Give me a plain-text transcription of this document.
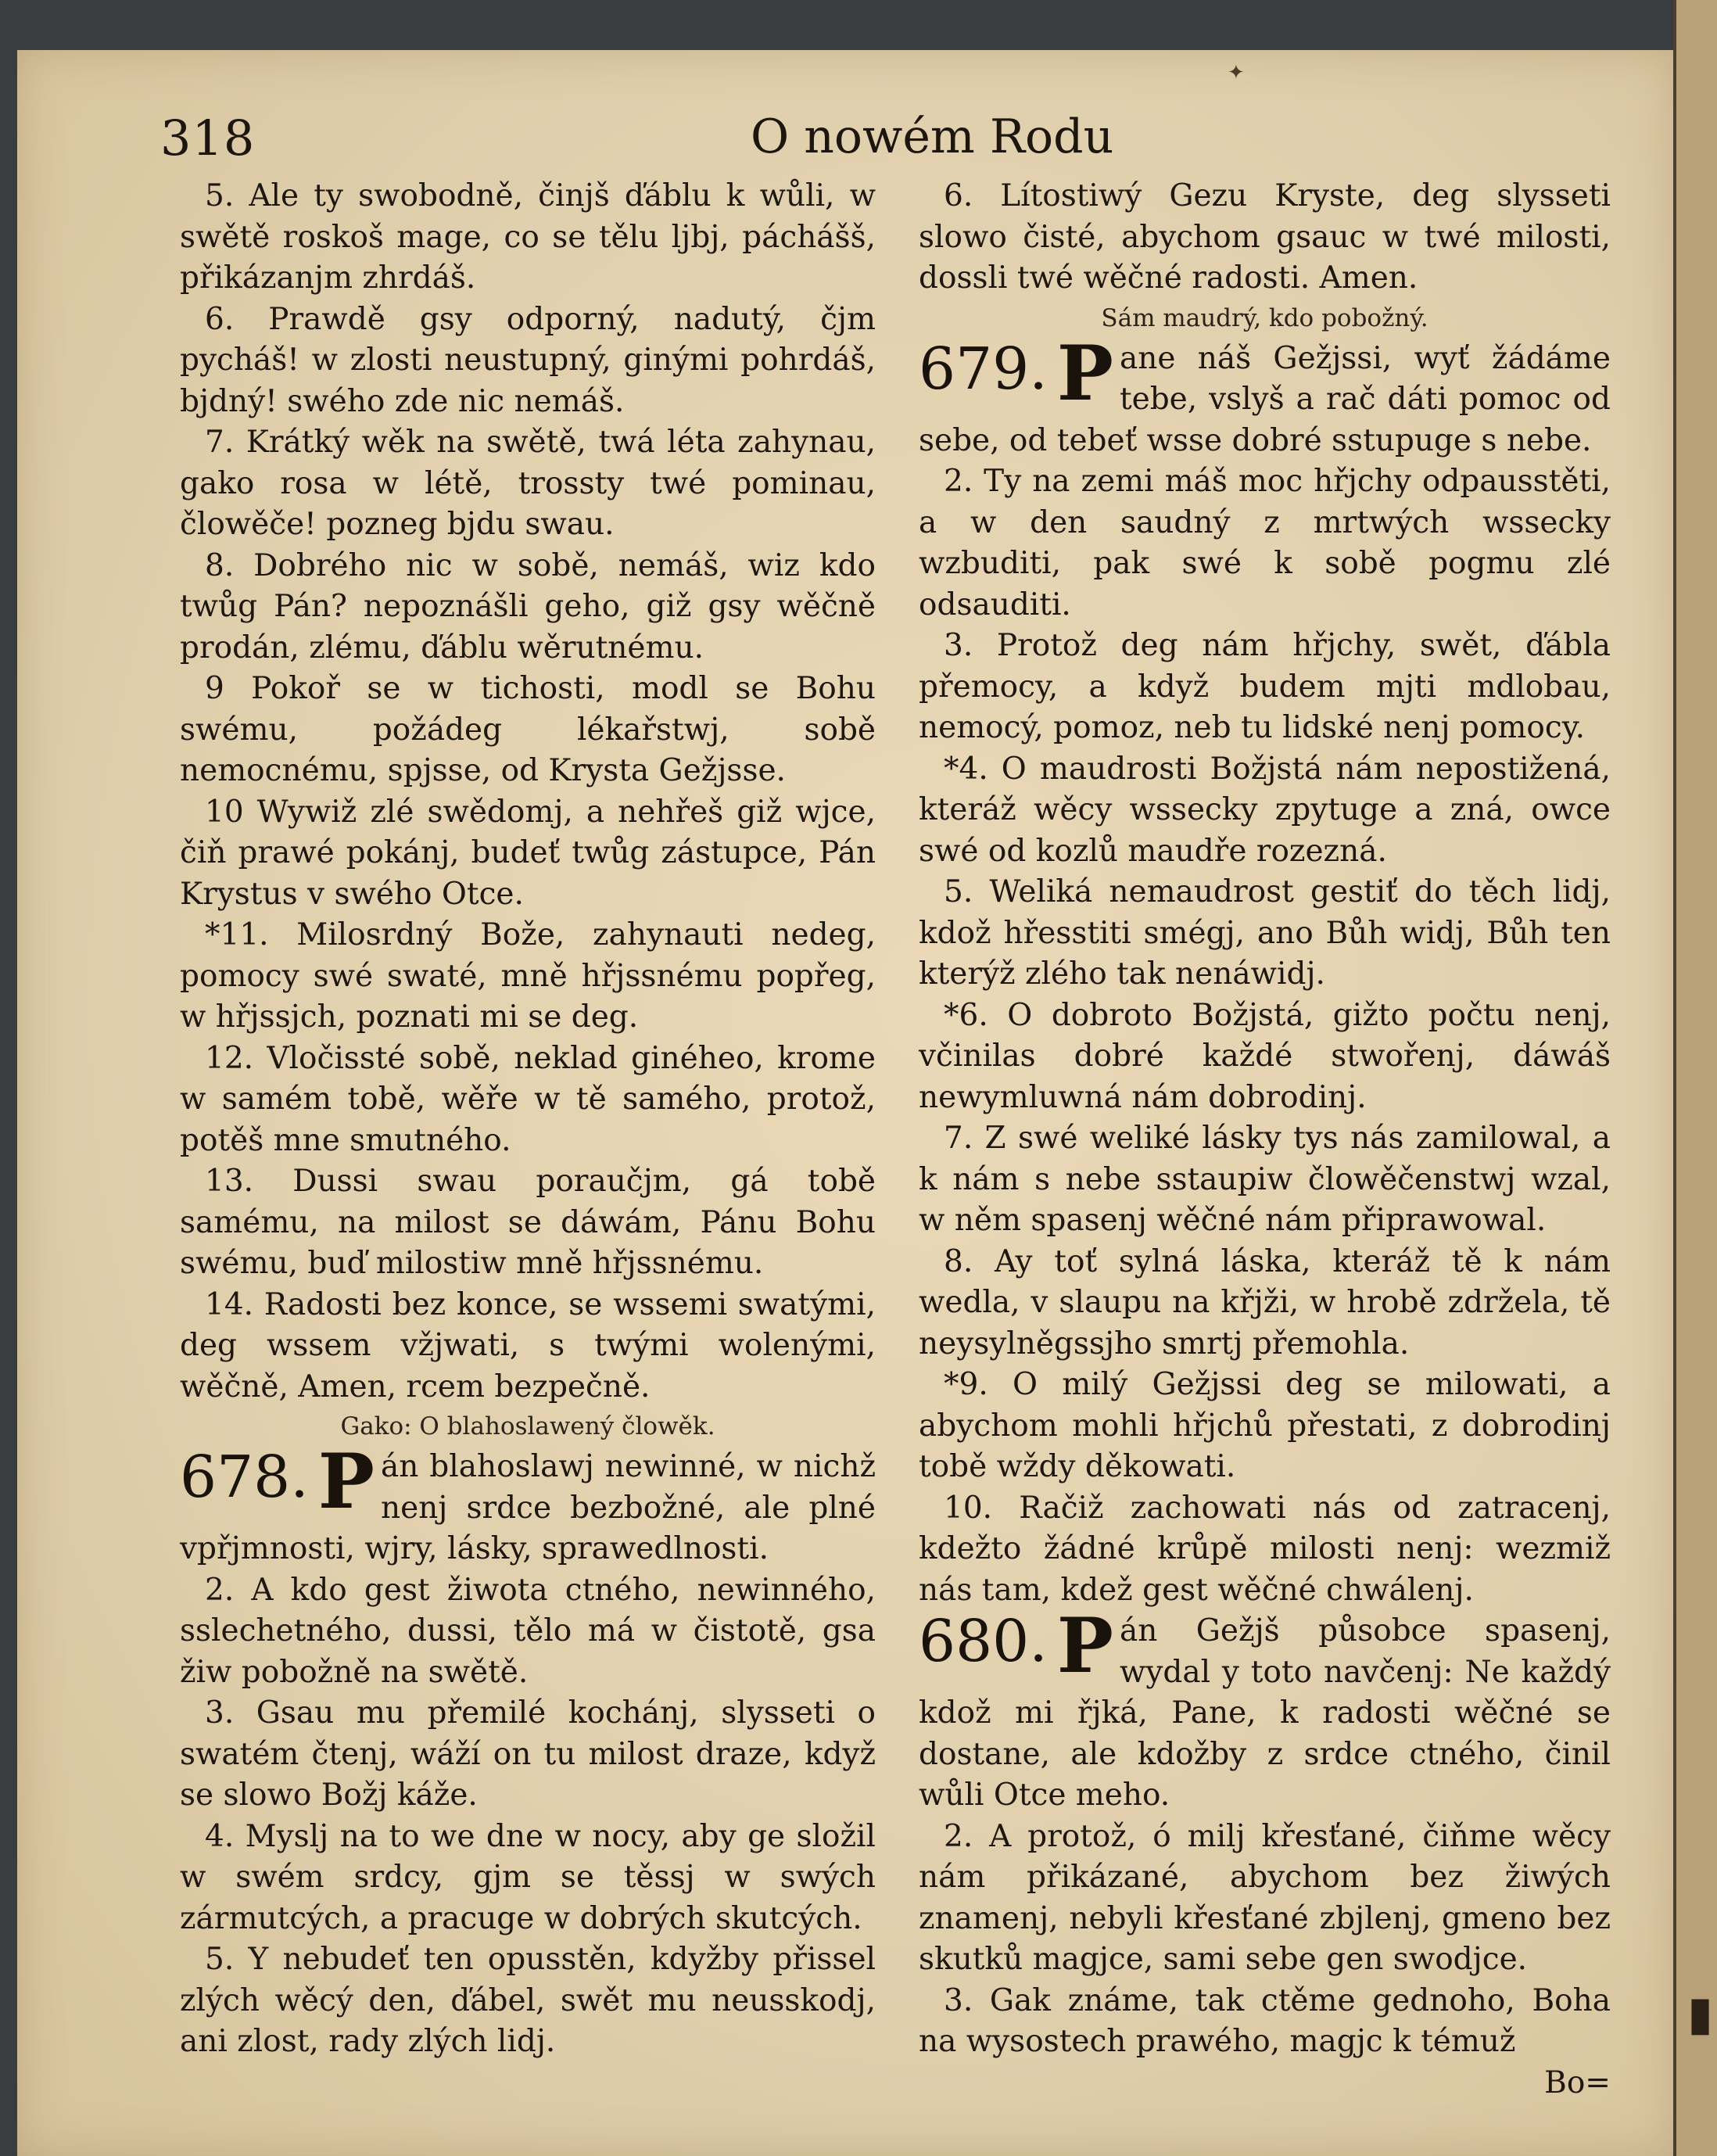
▮
✦
318	O nowém Rodu

5. Ale ty swobodně, činjš ďáblu k wůli, w swětě roskoš mage, co se tělu ljbj, páchášš, přikázanjm zhrdáš.

6. Prawdě gsy odporný, nadutý, čjm pycháš! w zlosti neustupný, ginými pohrdáš, bjdný! swého zde nic nemáš.

7. Krátký wěk na swětě, twá léta zahynau, gako rosa w létě, trossty twé pominau, člowěče! pozneg bjdu swau.

8. Dobrého nic w sobě, nemáš, wiz kdo twůg Pán? nepoznášli geho, giž gsy wěčně prodán, zlému, ďáblu wěrutnému.

9 Pokoř se w tichosti, modl se Bohu swému, požádeg lékařstwj, sobě nemocnému, spjsse, od Krysta Gežjsse.

10 Wywiž zlé swědomj, a nehřeš giž wjce, čiň prawé pokánj, budeť twůg zástupce, Pán Krystus v swého Otce.

*11. Milosrdný Bože, zahynauti nedeg, pomocy swé swaté, mně hřjssnému popřeg, w hřjssjch, poznati mi se deg.

12. Vločissté sobě, neklad ginéheo, krome w samém tobě, wěře w tě samého, protož, potěš mne smutného.

13. Dussi swau poraučjm, gá tobě samému, na milost se dáwám, Pánu Bohu swému, buď milostiw mně hřjssnému.

14. Radosti bez konce, se wssemi swatými, deg wssem vžjwati, s twými wolenými, wěčně, Amen, rcem bezpečně.

Gako: O blahoslawený člowěk.

678. P án blahoslawj newinné, w nichž nenj srdce bezbožné, ale plné vpřjmnosti, wjry, lásky, sprawedlnosti.

2. A kdo gest žiwota ctného, newinného, sslechetného, dussi, tělo má w čistotě, gsa žiw pobožně na swětě.

3. Gsau mu přemilé kochánj, slysseti o swatém čtenj, wáží on tu milost draze, když se slowo Božj káže.

4. Myslj na to we dne w nocy, aby ge složil w swém srdcy, gjm se těssj w swých zármutcých, a pracuge w dobrých skutcých.

5. Y nebudeť ten opusstěn, kdyžby přissel zlých wěcý den, ďábel, swět mu neusskodj, ani zlost, rady zlých lidj.

6. Lítostiwý Gezu Kryste, deg slysseti slowo čisté, abychom gsauc w twé milosti, dossli twé wěčné radosti. Amen.

Sám maudrý, kdo pobožný.

679. P ane náš Gežjssi, wyť žádáme tebe, vslyš a rač dáti pomoc od sebe, od tebeť wsse dobré sstupuge s nebe.

2. Ty na zemi máš moc hřjchy odpausstěti, a w den saudný z mrtwých wssecky wzbuditi, pak swé k sobě pogmu zlé odsauditi.

3. Protož deg nám hřjchy, swět, ďábla přemocy, a když budem mjti mdlobau, nemocý, pomoz, neb tu lidské nenj pomocy.

*4. O maudrosti Božjstá nám nepostižená, kteráž wěcy wssecky zpytuge a zná, owce swé od kozlů maudře rozezná.

5. Weliká nemaudrost gestiť do těch lidj, kdož hřesstiti smégj, ano Bůh widj, Bůh ten kterýž zlého tak nenáwidj.

*6. O dobroto Božjstá, gižto počtu nenj, včinilas dobré každé stwořenj, dáwáš newymluwná nám dobrodinj.

7. Z swé weliké lásky tys nás zamilowal, a k nám s nebe sstaupiw člowěčenstwj wzal, w něm spasenj wěčné nám připrawowal.

8. Ay toť sylná láska, kteráž tě k nám wedla, v slaupu na křjži, w hrobě zdržela, tě neysylněgssjho smrtj přemohla.

*9. O milý Gežjssi deg se milowati, a abychom mohli hřjchů přestati, z dobrodinj tobě wždy děkowati.

10. Račiž zachowati nás od zatracenj, kdežto žádné krůpě milosti nenj: wezmiž nás tam, kdež gest wěčné chwálenj.

680. P án Gežjš působce spasenj, wydal y toto navčenj: Ne každý kdož mi řjká, Pane, k radosti wěčné se dostane, ale kdožby z srdce ctného, činil wůli Otce meho.

2. A protož, ó milj křesťané, čiňme wěcy nám přikázané, abychom bez žiwých znamenj, nebyli křesťané zbjlenj, gmeno bez skutků magjce, sami sebe gen swodjce.

3. Gak známe, tak ctěme gednoho, Boha na wysostech prawého, magjc k témuž

Bo=
